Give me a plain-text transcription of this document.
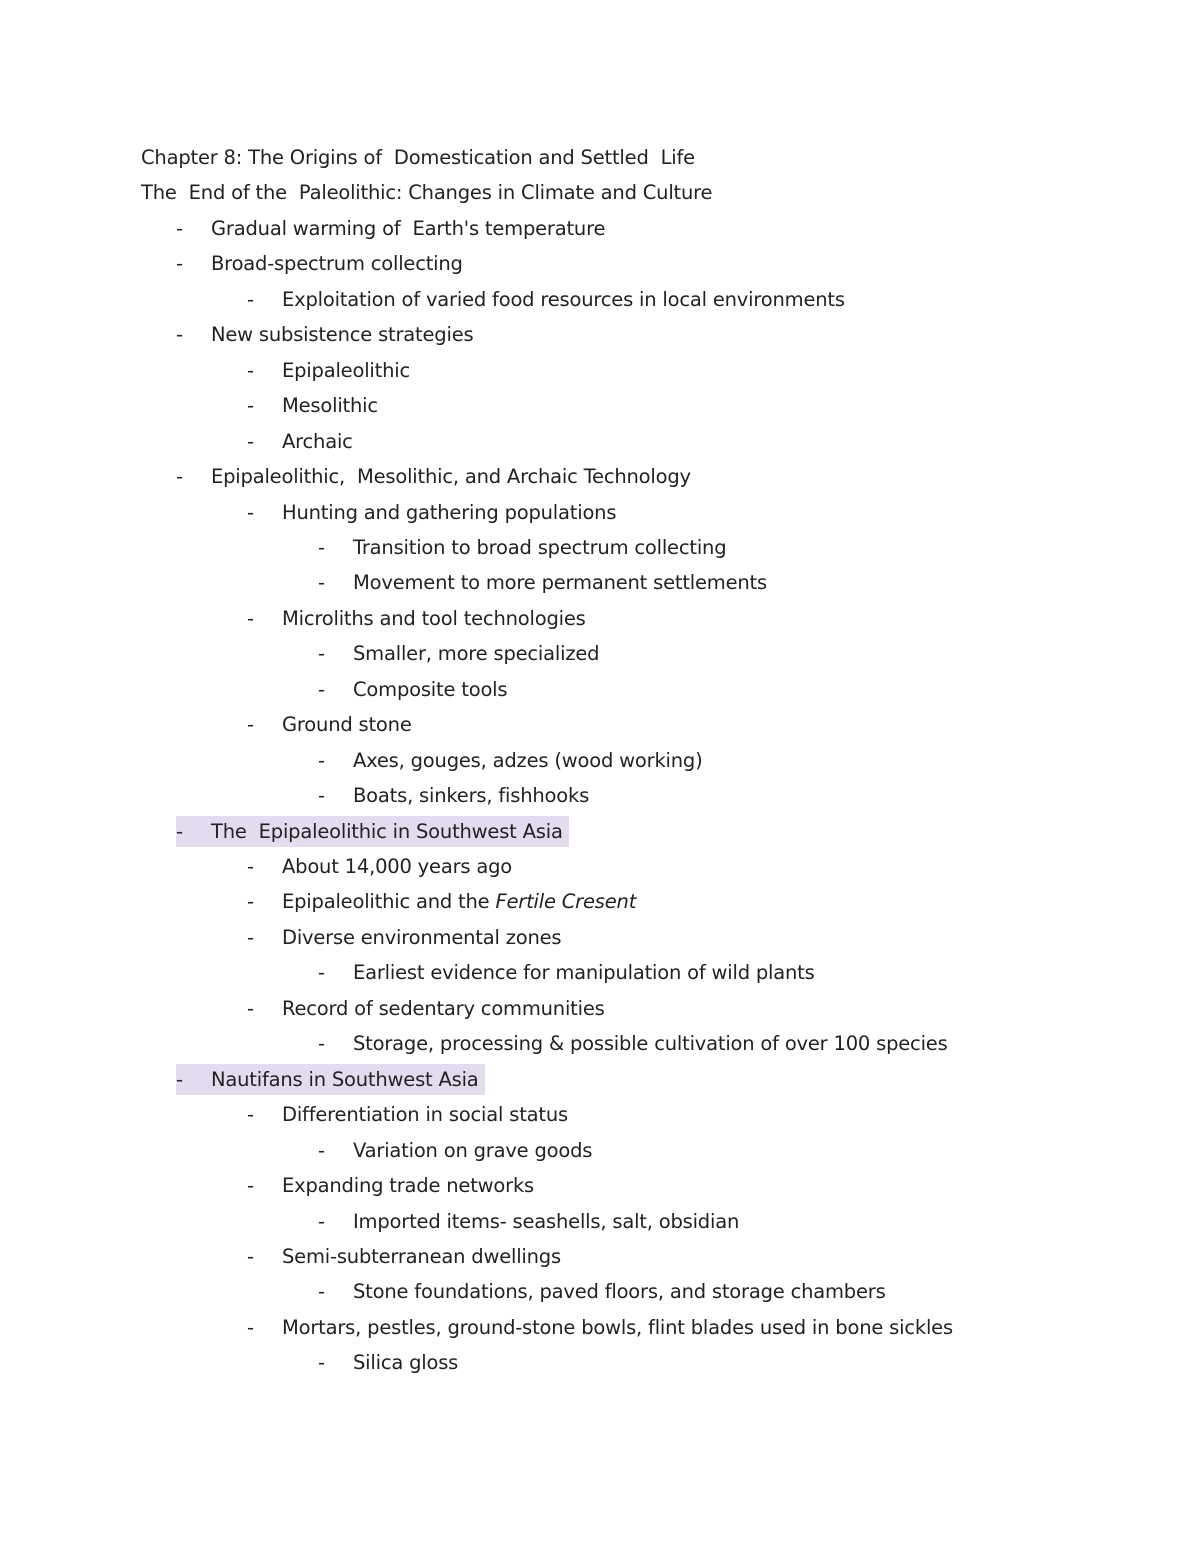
Chapter 8: The Origins of  Domestication and Settled  Life
The  End of the  Paleolithic: Changes in Climate and Culture
- Gradual warming of  Earth's temperature
- Broad-spectrum collecting
- Exploitation of varied food resources in local environments
- New subsistence strategies
- Epipaleolithic
- Mesolithic
- Archaic
- Epipaleolithic,  Mesolithic, and Archaic Technology
- Hunting and gathering populations
- Transition to broad spectrum collecting
- Movement to more permanent settlements
- Microliths and tool technologies
- Smaller, more specialized
- Composite tools
- Ground stone
- Axes, gouges, adzes (wood working)
- Boats, sinkers, fishhooks
- The  Epipaleolithic in Southwest Asia
- About 14,000 years ago
- Epipaleolithic and the Fertile Cresent
- Diverse environmental zones
- Earliest evidence for manipulation of wild plants
- Record of sedentary communities
- Storage, processing & possible cultivation of over 100 species
- Nautifans in Southwest Asia
- Differentiation in social status
- Variation on grave goods
- Expanding trade networks
- Imported items- seashells, salt, obsidian
- Semi-subterranean dwellings
- Stone foundations, paved floors, and storage chambers
- Mortars, pestles, ground-stone bowls, flint blades used in bone sickles
- Silica gloss
